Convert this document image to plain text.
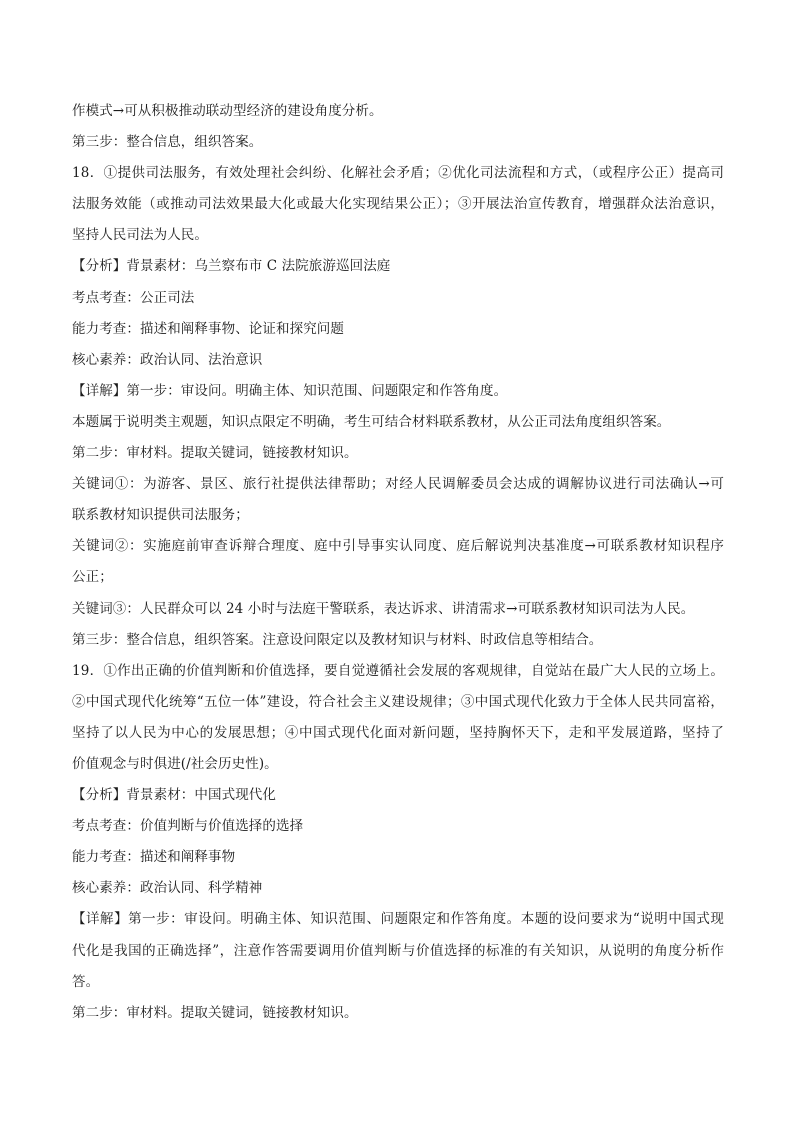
作模式→可从积极推动联动型经济的建设角度分析。
第三步：整合信息，组织答案。
18．①提供司法服务，有效处理社会纠纷、化解社会矛盾；②优化司法流程和方式，（或程序公正）提高司
法服务效能（或推动司法效果最大化或最大化实现结果公正）；③开展法治宣传教育，增强群众法治意识，
坚持人民司法为人民。
【分析】背景素材：乌兰察布市 C 法院旅游巡回法庭
考点考查：公正司法
能力考查：描述和阐释事物、论证和探究问题
核心素养：政治认同、法治意识
【详解】第一步：审设问。明确主体、知识范围、问题限定和作答角度。
本题属于说明类主观题，知识点限定不明确，考生可结合材料联系教材，从公正司法角度组织答案。
第二步：审材料。提取关键词，链接教材知识。
关键词①：为游客、景区、旅行社提供法律帮助；对经人民调解委员会达成的调解协议进行司法确认→可
联系教材知识提供司法服务；
关键词②：实施庭前审查诉辩合理度、庭中引导事实认同度、庭后解说判决基准度→可联系教材知识程序
公正；
关键词③：人民群众可以 24 小时与法庭干警联系，表达诉求、讲清需求→可联系教材知识司法为人民。
第三步：整合信息，组织答案。注意设问限定以及教材知识与材料、时政信息等相结合。
19．①作出正确的价值判断和价值选择，要自觉遵循社会发展的客观规律，自觉站在最广大人民的立场上。
②中国式现代化统筹“五位一体”建设，符合社会主义建设规律；③中国式现代化致力于全体人民共同富裕，
坚持了以人民为中心的发展思想；④中国式现代化面对新问题，坚持胸怀天下，走和平发展道路，坚持了
价值观念与时俱进(/社会历史性)。
【分析】背景素材：中国式现代化
考点考查：价值判断与价值选择的选择
能力考查：描述和阐释事物
核心素养：政治认同、科学精神
【详解】第一步：审设问。明确主体、知识范围、问题限定和作答角度。本题的设问要求为“说明中国式现
代化是我国的正确选择”，注意作答需要调用价值判断与价值选择的标准的有关知识，从说明的角度分析作
答。
第二步：审材料。提取关键词，链接教材知识。
